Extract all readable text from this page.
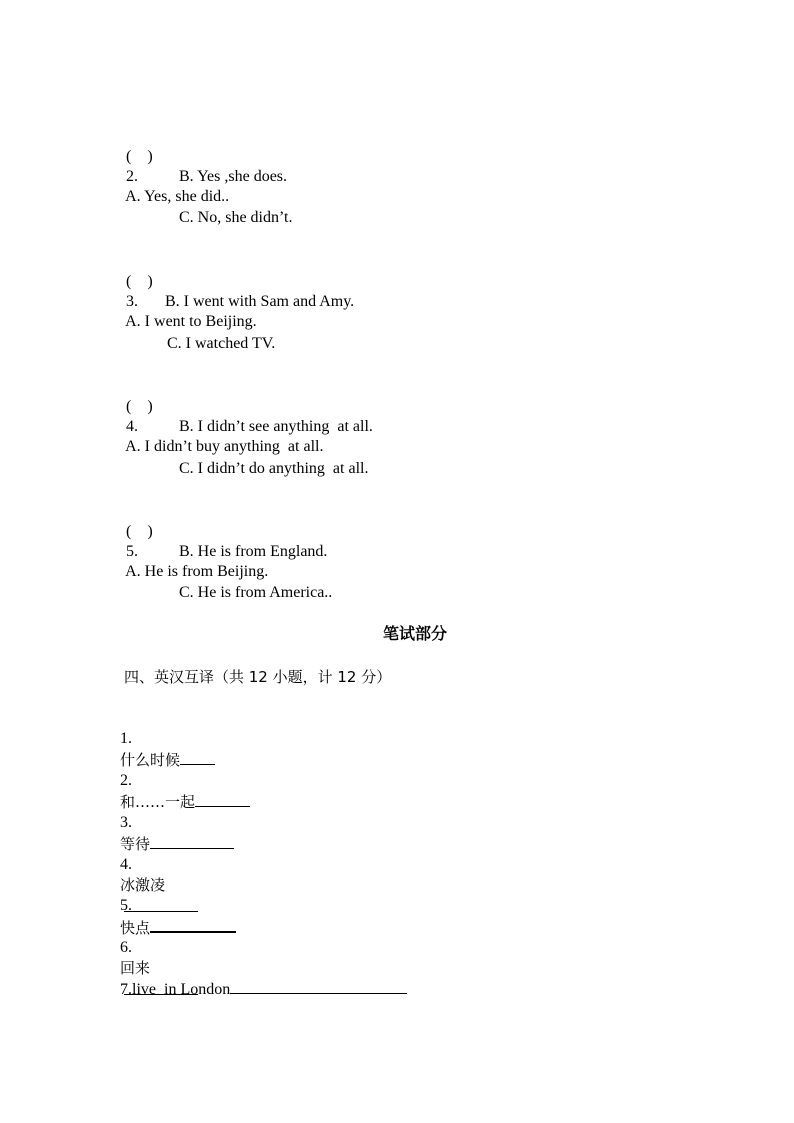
(    )
2.
A. Yes, she did..

B. Yes ,she does.
C. No, she didn’t.

(    )
3.
A. I went to Beijing.

B. I went with Sam and Amy.
C. I watched TV.

(    )
4.
A. I didn’t buy anything  at all.

B. I didn’t see anything  at all.
C. I didn’t do anything  at all.

(    )
5.
A. He is from Beijing.

B. He is from England.
C. He is from America..
笔试部分
四、英汉互译（共 12 小题，计 12 分）

1.
什么时候

2.
和……一起

3.
等待

4.
冰激凌

5.
快点

6.
回来

7.live  in London
